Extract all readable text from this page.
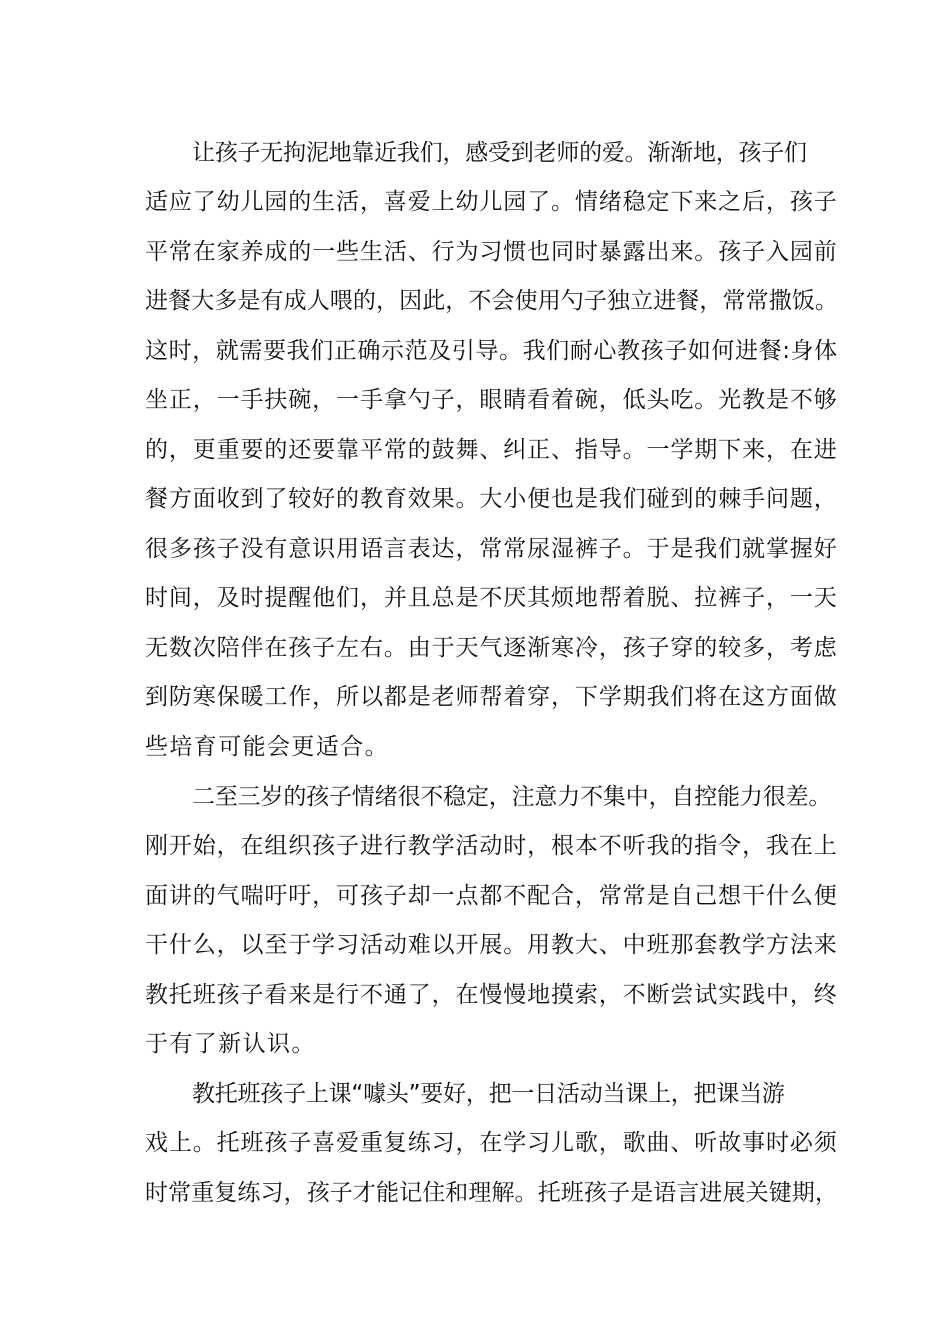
让孩子无拘泥地靠近我们，感受到老师的爱。渐渐地，孩子们
适应了幼儿园的生活，喜爱上幼儿园了。情绪稳定下来之后，孩子
平常在家养成的一些生活、行为习惯也同时暴露出来。孩子入园前
进餐大多是有成人喂的，因此，不会使用勺子独立进餐，常常撒饭。
这时，就需要我们正确示范及引导。我们耐心教孩子如何进餐:身体
坐正，一手扶碗，一手拿勺子，眼睛看着碗，低头吃。光教是不够
的，更重要的还要靠平常的鼓舞、纠正、指导。一学期下来，在进
餐方面收到了较好的教育效果。大小便也是我们碰到的棘手问题，
很多孩子没有意识用语言表达，常常尿湿裤子。于是我们就掌握好
时间，及时提醒他们，并且总是不厌其烦地帮着脱、拉裤子，一天
无数次陪伴在孩子左右。由于天气逐渐寒冷，孩子穿的较多，考虑
到防寒保暖工作，所以都是老师帮着穿，下学期我们将在这方面做
些培育可能会更适合。
二至三岁的孩子情绪很不稳定，注意力不集中，自控能力很差。
刚开始，在组织孩子进行教学活动时，根本不听我的指令，我在上
面讲的气喘吁吁，可孩子却一点都不配合，常常是自己想干什么便
干什么，以至于学习活动难以开展。用教大、中班那套教学方法来
教托班孩子看来是行不通了，在慢慢地摸索，不断尝试实践中，终
于有了新认识。
教托班孩子上课“噱头”要好，把一日活动当课上，把课当游
戏上。托班孩子喜爱重复练习，在学习儿歌，歌曲、听故事时必须
时常重复练习，孩子才能记住和理解。托班孩子是语言进展关键期，
